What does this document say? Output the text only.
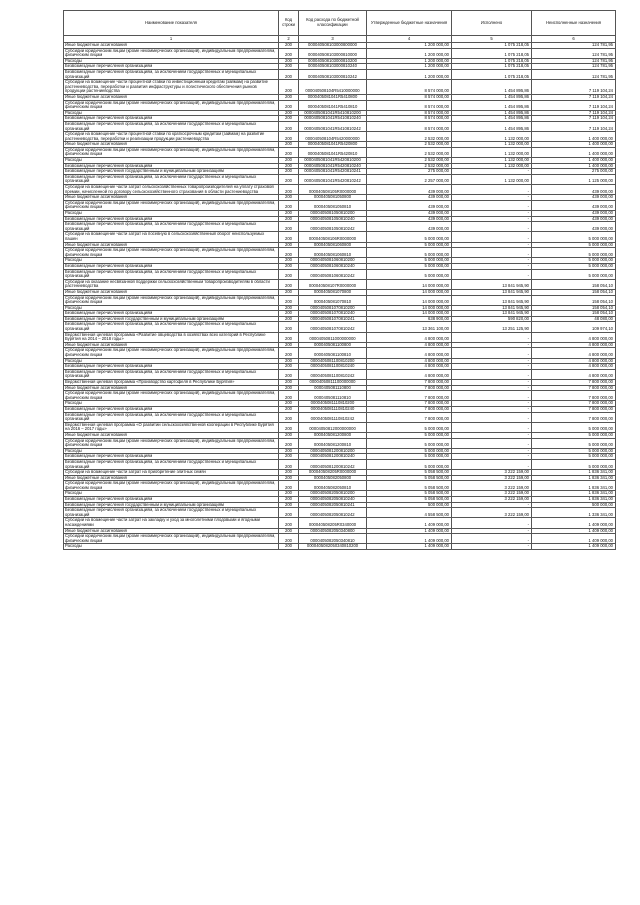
Наименование показателя	Код строки	Код расхода по бюджетной классификации	Утвержденные бюджетные назначения	Исполнено	Неисполненные назначения
1	2	3	4	5	6
Иные бюджетные ассигнования	200	000040508103000800000	1 200 000,00	1 075 218,05	124 781,95
Субсидии юридическим лицам (кроме некоммерческих организаций), индивидуальным предпринимателям, физическим лицам	200	000040508103000810000	1 200 000,00	1 075 218,05	124 781,95
Расходы	200	000040508103000810200	1 200 000,00	1 075 218,05	124 781,95
Безвозмездные перечисления организациям	200	000040508103000810240	1 200 000,00	1 075 218,05	124 781,95
Безвозмездные перечисления организациям, за исключением государственных и муниципальных организаций	200	000040508103000810242	1 200 000,00	1 075 218,05	124 781,95
Субсидии на возмещение части процентной ставки по инвестиционным кредитам (займам) на развитие растениеводства, переработки и развития инфраструктуры и логистического обеспечения рынков продукции растениеводства	200	000040508104R5410000000	8 574 000,00	1 454 895,86	7 119 104,24
Иные бюджетные ассигнования	200	0000405081041R5410800	8 574 000,00	1 454 895,86	7 119 104,24
Субсидии юридическим лицам (кроме некоммерческих организаций), индивидуальным предпринимателям, физическим лицам	200	0000405081041R5410810	8 574 000,00	1 454 895,86	7 119 104,24
Расходы	200	0000405081041R5410810200	8 574 000,00	1 454 895,86	7 119 104,24
Безвозмездные перечисления организациям	200	0000405081041R5410810240	8 574 000,00	1 454 895,86	7 119 104,24
Безвозмездные перечисления организациям, за исключением государственных и муниципальных организаций	200	0000405081041R5410810242	8 574 000,00	1 454 895,86	7 119 104,24
Субсидии на возмещение части процентной ставки по краткосрочным кредитам (займам) на развитие растениеводства, переработки и реализации продукции растениеводства	200	000040508104R5420000000	2 532 000,00	1 132 000,00	1 400 000,00
Иные бюджетные ассигнования	200	0000405081041R5420800	2 532 000,00	1 132 000,00	1 400 000,00
Субсидии юридическим лицам (кроме некоммерческих организаций), индивидуальным предпринимателям, физическим лицам	200	0000405081041R5420810	2 532 000,00	1 132 000,00	1 400 000,00
Расходы	200	0000405081041R5420810200	2 532 000,00	1 132 000,00	1 400 000,00
Безвозмездные перечисления организациям	200	0000405081041R5420810240	2 532 000,00	1 132 000,00	1 400 000,00
Безвозмездные перечисления государственным и муниципальным организациям	200	0000405081041R5420810241	275 000,00	-	275 000,00
Безвозмездные перечисления организациям, за исключением государственных и муниципальных организаций	200	0000405081041R5420810242	2 257 000,00	1 132 000,00	1 125 000,00
Субсидии на возмещение части затрат сельскохозяйственных товаропроизводителей на уплату страховой премии, начисленной по договору сельскохозяйственного страхования в области растениеводства	200	000040508105R0000000	439 000,00	-	439 000,00
Иные бюджетные ассигнования	200	0000405081050800	439 000,00	-	439 000,00
Субсидии юридическим лицам (кроме некоммерческих организаций), индивидуальным предпринимателям, физическим лицам	200	0000405081050810	439 000,00	-	439 000,00
Расходы	200	0000405081050810200	439 000,00	-	439 000,00
Безвозмездные перечисления организациям	200	0000405081050810240	439 000,00	-	439 000,00
Безвозмездные перечисления организациям, за исключением государственных и муниципальных организаций	200	0000405081050810242	439 000,00	-	439 000,00
Субсидии на возмещение части затрат на посевную в сельскохозяйственный оборот неиспользуемых пашен	200	000040508106R0000000	5 000 000,00	-	5 000 000,00
Иные бюджетные ассигнования	200	0000405081060800	5 000 000,00	-	5 000 000,00
Субсидии юридическим лицам (кроме некоммерческих организаций), индивидуальным предпринимателям, физическим лицам	200	0000405081060810	5 000 000,00	-	5 000 000,00
Расходы	200	0000405081060810200	5 000 000,00	-	5 000 000,00
Безвозмездные перечисления организациям	200	0000405081060810240	5 000 000,00	-	5 000 000,00
Безвозмездные перечисления организациям, за исключением государственных и муниципальных организаций	200	0000405081060810242	5 000 000,00	-	5 000 000,00
Субсидии на оказание несвязанной поддержки сельскохозяйственным товаропроизводителям в области растениеводства	200	000040508107R0000000	14 000 000,00	13 841 945,90	158 054,10
Иные бюджетные ассигнования	200	0000405081070800	14 000 000,00	13 841 945,90	158 054,10
Субсидии юридическим лицам (кроме некоммерческих организаций), индивидуальным предпринимателям, физическим лицам	200	0000405081070810	14 000 000,00	13 841 945,90	158 054,10
Расходы	200	0000405081070810200	14 000 000,00	13 841 945,90	158 054,10
Безвозмездные перечисления организациям	200	0000405081070810240	14 000 000,00	13 841 945,90	158 054,10
Безвозмездные перечисления государственным и муниципальным организациям	200	0000405081070810241	638 900,00	590 820,00	48 080,00
Безвозмездные перечисления организациям, за исключением государственных и муниципальных организаций	200	0000405081070810242	13 361 100,00	13 251 125,90	109 974,10
Ведомственная целевая программа «Развитие овцеводства в хозяйствах всех категорий в Республике Бурятия на 2014 – 2018 годы»	200	00004050811000000000	4 800 000,00	-	4 800 000,00
Иные бюджетные ассигнования	200	0000405081100800	4 800 000,00	-	4 800 000,00
Субсидии юридическим лицам (кроме некоммерческих организаций), индивидуальным предпринимателям, физическим лицам	200	0000405081100810	4 800 000,00	-	4 800 000,00
Расходы	200	0000405081100810200	4 800 000,00	-	4 800 000,00
Безвозмездные перечисления организациям	200	0000405081100810240	4 800 000,00	-	4 800 000,00
Безвозмездные перечисления организациям, за исключением государственных и муниципальных организаций	200	0000405081100810242	4 800 000,00	-	4 800 000,00
Ведомственная целевая программа «Производство картофеля в Республике Бурятия»	200	00004050811100000000	7 800 000,00	-	7 800 000,00
Иные бюджетные ассигнования	200	0000405081110800	7 800 000,00	-	7 800 000,00
Субсидии юридическим лицам (кроме некоммерческих организаций), индивидуальным предпринимателям, физическим лицам	200	0000405081110810	7 800 000,00	-	7 800 000,00
Расходы	200	0000405081110810200	7 800 000,00	-	7 800 000,00
Безвозмездные перечисления организациям	200	0000405081110810240	7 800 000,00	-	7 800 000,00
Безвозмездные перечисления организациям, за исключением государственных и муниципальных организаций	200	0000405081110810242	7 800 000,00	-	7 800 000,00
Ведомственная целевая программа «О развитии сельскохозяйственной кооперации в Республике Бурятия на 2016 – 2017 годы»	200	00004050812000000000	5 000 000,00	-	5 000 000,00
Иные бюджетные ассигнования	200	0000405081200800	5 000 000,00	-	5 000 000,00
Субсидии юридическим лицам (кроме некоммерческих организаций), индивидуальным предпринимателям, физическим лицам	200	0000405081200810	5 000 000,00	-	5 000 000,00
Расходы	200	0000405081200810200	5 000 000,00	-	5 000 000,00
Безвозмездные перечисления организациям	200	0000405081200810240	5 000 000,00	-	5 000 000,00
Безвозмездные перечисления организациям, за исключением государственных и муниципальных организаций	200	0000405081200810242	5 000 000,00	-	5 000 000,00
Субсидии на возмещение части затрат на приобретение элитных семян	200	000040508205R0000000	5 058 500,00	3 222 159,00	1 836 341,00
Иные бюджетные ассигнования	200	0000405082050800	5 058 500,00	3 222 159,00	1 836 341,00
Субсидии юридическим лицам (кроме некоммерческих организаций), индивидуальным предпринимателям, физическим лицам	200	0000405082050810	5 058 500,00	3 222 159,00	1 836 341,00
Расходы	200	0000405082050810200	5 058 500,00	3 222 159,00	1 836 341,00
Безвозмездные перечисления организациям	200	0000405082050810240	5 058 500,00	3 222 159,00	1 836 341,00
Безвозмездные перечисления государственным и муниципальным организациям	200	0000405082050810241	500 000,00	-	500 000,00
Безвозмездные перечисления организациям, за исключением государственных и муниципальных организаций	200	0000405082050810242	4 558 500,00	3 222 159,00	1 336 341,00
Субсидии на возмещение части затрат на закладку и уход за многолетними плодовыми и ягодными насаждениями	200	000040508205R0340000	1 409 000,00	-	1 409 000,00
Иные бюджетные ассигнования	200	0000405082050340800	1 409 000,00	-	1 409 000,00
Субсидии юридическим лицам (кроме некоммерческих организаций), индивидуальным предпринимателям, физическим лицам	200	0000405082050340810	1 409 000,00	-	1 409 000,00
Расходы	200	0000405082050340810200	1 409 000,00	-	1 409 000,00
